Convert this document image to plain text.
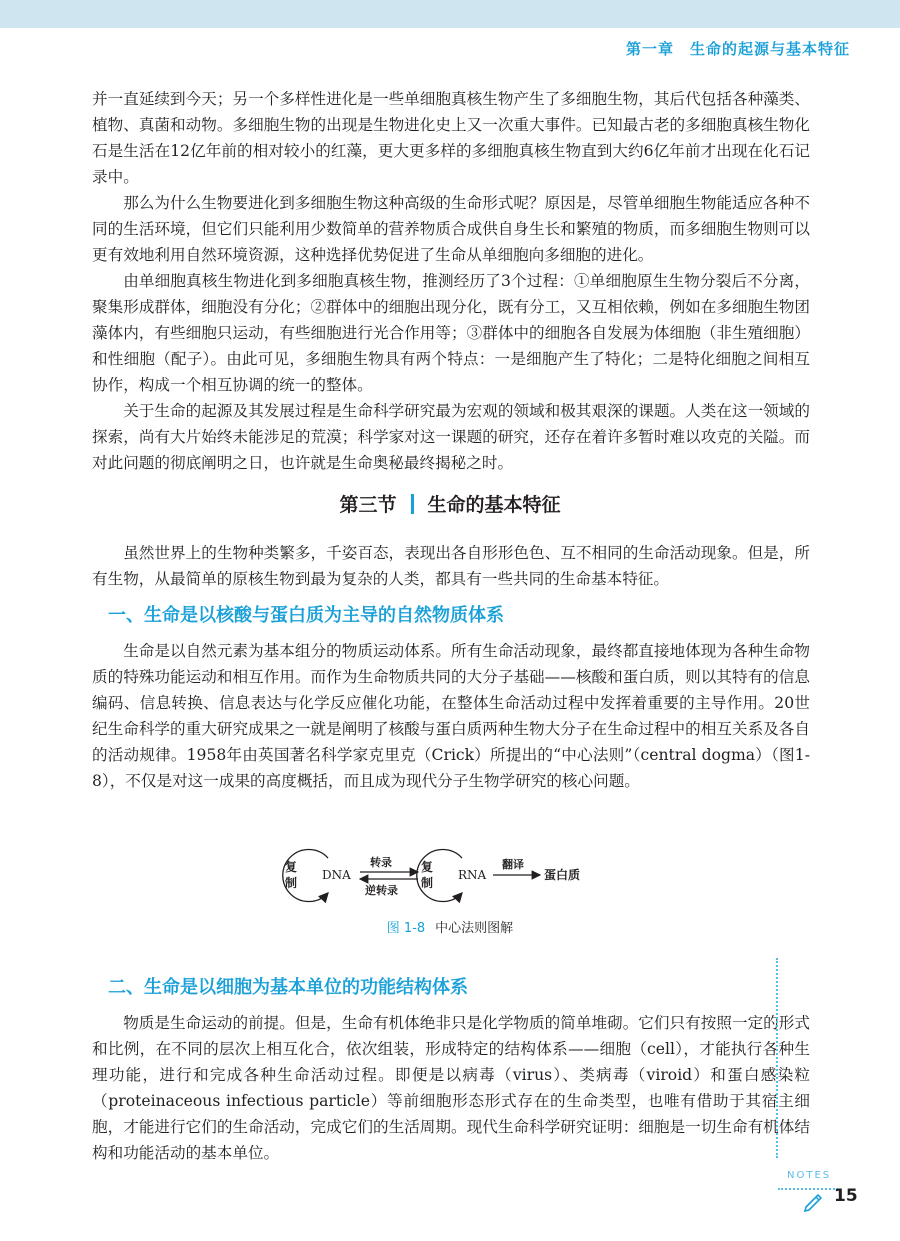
第一章　生命的起源与基本特征

并一直延续到今天；另一个多样性进化是一些单细胞真核生物产生了多细胞生物，其后代包括各种藻类、植物、真菌和动物。多细胞生物的出现是生物进化史上又一次重大事件。已知最古老的多细胞真核生物化石是生活在12亿年前的相对较小的红藻，更大更多样的多细胞真核生物直到大约6亿年前才出现在化石记录中。

那么为什么生物要进化到多细胞生物这种高级的生命形式呢？原因是，尽管单细胞生物能适应各种不同的生活环境，但它们只能利用少数简单的营养物质合成供自身生长和繁殖的物质，而多细胞生物则可以更有效地利用自然环境资源，这种选择优势促进了生命从单细胞向多细胞的进化。

由单细胞真核生物进化到多细胞真核生物，推测经历了3个过程：①单细胞原生生物分裂后不分离，聚集形成群体，细胞没有分化；②群体中的细胞出现分化，既有分工，又互相依赖，例如在多细胞生物团藻体内，有些细胞只运动，有些细胞进行光合作用等；③群体中的细胞各自发展为体细胞（非生殖细胞）和性细胞（配子）。由此可见，多细胞生物具有两个特点：一是细胞产生了特化；二是特化细胞之间相互协作，构成一个相互协调的统一的整体。

关于生命的起源及其发展过程是生命科学研究最为宏观的领域和极其艰深的课题。人类在这一领域的探索，尚有大片始终未能涉足的荒漠；科学家对这一课题的研究，还存在着许多暂时难以攻克的关隘。而对此问题的彻底阐明之日，也许就是生命奥秘最终揭秘之时。

第三节 生命的基本特征

虽然世界上的生物种类繁多，千姿百态，表现出各自形形色色、互不相同的生命活动现象。但是，所有生物，从最简单的原核生物到最为复杂的人类，都具有一些共同的生命基本特征。

一、生命是以核酸与蛋白质为主导的自然物质体系

生命是以自然元素为基本组分的物质运动体系。所有生命活动现象，最终都直接地体现为各种生命物质的特殊功能运动和相互作用。而作为生命物质共同的大分子基础——核酸和蛋白质，则以其特有的信息编码、信息转换、信息表达与化学反应催化功能，在整体生命活动过程中发挥着重要的主导作用。20世纪生命科学的重大研究成果之一就是阐明了核酸与蛋白质两种生物大分子在生命过程中的相互关系及各自的活动规律。1958年由英国著名科学家克里克（Crick）所提出的“中心法则”（central dogma）（图1-8），不仅是对这一成果的高度概括，而且成为现代分子生物学研究的核心问题。

复
制
DNA
转录
逆转录
复
制
RNA
翻译
蛋白质
图 1-8 中心法则图解

二、生命是以细胞为基本单位的功能结构体系

物质是生命运动的前提。但是，生命有机体绝非只是化学物质的简单堆砌。它们只有按照一定的形式和比例，在不同的层次上相互化合，依次组装，形成特定的结构体系——细胞（cell），才能执行各种生理功能，进行和完成各种生命活动过程。即便是以病毒（virus）、类病毒（viroid）和蛋白感染粒（proteinaceous infectious particle）等前细胞形态形式存在的生命类型，也唯有借助于其宿主细胞，才能进行它们的生命活动，完成它们的生活周期。现代生命科学研究证明：细胞是一切生命有机体结构和功能活动的基本单位。

NOTES
15
